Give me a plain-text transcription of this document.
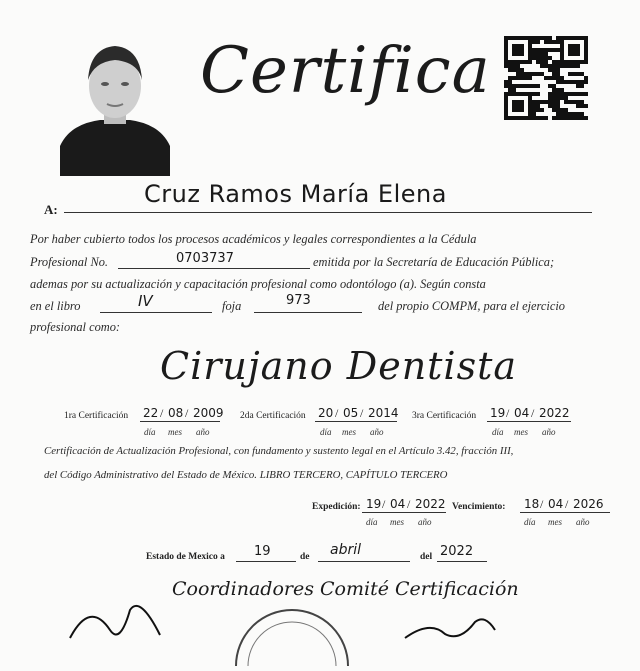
Certifica
A:
Cruz Ramos María Elena
Por haber cubierto todos los procesos académicos y legales correspondientes a la Cédula
Profesional No.	0703737	emitida por la Secretaría de Educación Pública;
ademas por su actualización y capacitación profesional como odontólogo (a). Según consta
en el libro	IV	foja	973	del propio COMPM, para el ejercicio
profesional como:
Cirujano Dentista
1ra Certificación 22 / 08 / 2009
día mes año
2da Certificación 20 / 05 / 2014
día mes año
3ra Certificación 19 / 04 / 2022
día mes año
Certificación de Actualización Profesional, con fundamento y sustento legal en el Artículo 3.42, fracción III,
del Código Administrativo del Estado de México. LIBRO TERCERO, CAPÍTULO TERCERO
Expedición: 19 / 04 / 2022
día mes año
Vencimiento: 18 / 04 / 2026
día mes año
Estado de Mexico a 19	de abril	del 2022
Coordinadores Comité Certificación
